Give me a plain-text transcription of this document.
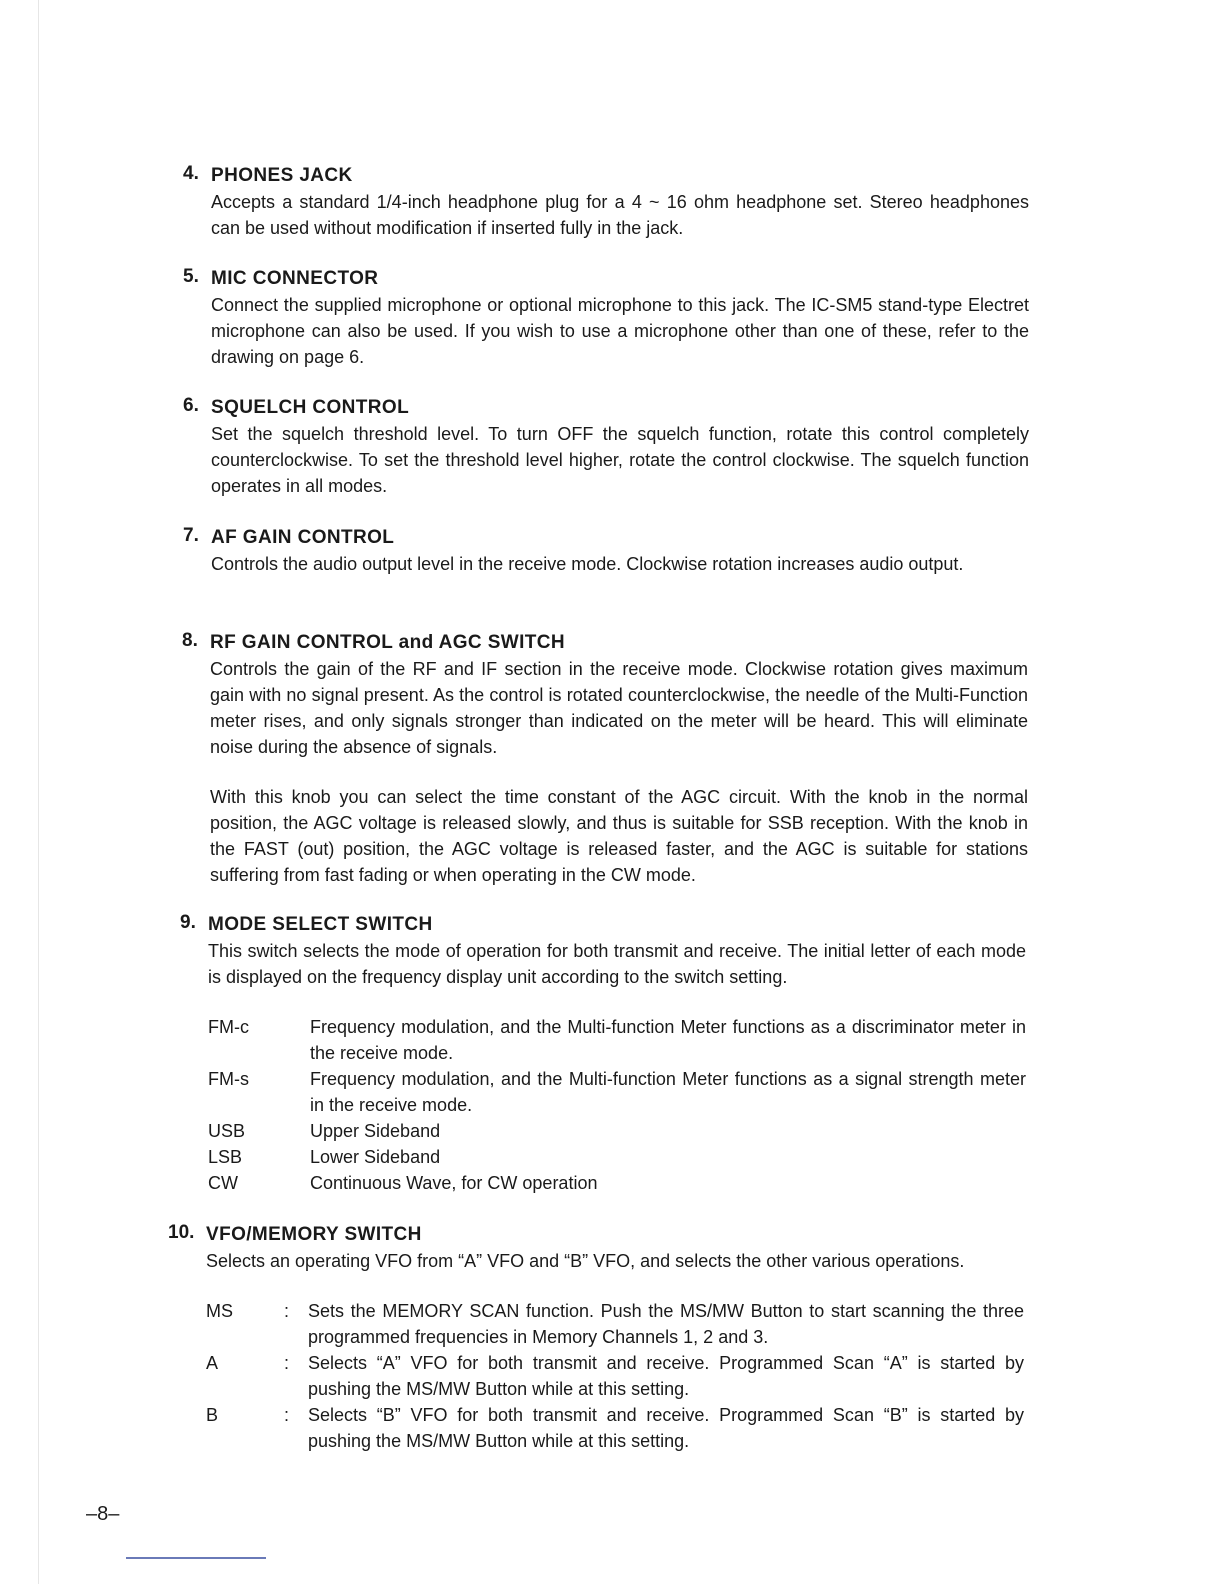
4. PHONES JACK

Accepts a standard 1/4-inch headphone plug for a 4 ~ 16 ohm headphone set. Stereo headphones can be used without modification if inserted fully in the jack.

5. MIC CONNECTOR

Connect the supplied microphone or optional microphone to this jack. The IC-SM5 stand-type Electret microphone can also be used. If you wish to use a microphone other than one of these, refer to the drawing on page 6.

6. SQUELCH CONTROL

Set the squelch threshold level. To turn OFF the squelch function, rotate this control completely counterclockwise. To set the threshold level higher, rotate the control clockwise. The squelch function operates in all modes.

7. AF GAIN CONTROL

Controls the audio output level in the receive mode. Clockwise rotation increases audio output.

8. RF GAIN CONTROL and AGC SWITCH

Controls the gain of the RF and IF section in the receive mode. Clockwise rotation gives maximum gain with no signal present. As the control is rotated counterclockwise, the needle of the Multi-Function meter rises, and only signals stronger than indicated on the meter will be heard. This will eliminate noise during the absence of signals.

With this knob you can select the time constant of the AGC circuit. With the knob in the normal position, the AGC voltage is released slowly, and thus is suitable for SSB reception. With the knob in the FAST (out) position, the AGC voltage is released faster, and the AGC is suitable for stations suffering from fast fading or when operating in the CW mode.

9. MODE SELECT SWITCH

This switch selects the mode of operation for both transmit and receive. The initial letter of each mode is displayed on the frequency display unit according to the switch setting.

FM-c	Frequency modulation, and the Multi-function Meter functions as a discriminator meter in the receive mode.
FM-s	Frequency modulation, and the Multi-function Meter functions as a signal strength meter in the receive mode.
USB	Upper Sideband
LSB	Lower Sideband
CW	Continuous Wave, for CW operation
10. VFO/MEMORY SWITCH

Selects an operating VFO from “A” VFO and “B” VFO, and selects the other various operations.

MS	:	Sets the MEMORY SCAN function. Push the MS/MW Button to start scanning the three programmed frequencies in Memory Channels 1, 2 and 3.
A	:	Selects “A” VFO for both transmit and receive. Programmed Scan “A” is started by pushing the MS/MW Button while at this setting.
B	:	Selects “B” VFO for both transmit and receive. Programmed Scan “B” is started by pushing the MS/MW Button while at this setting.
–8–
